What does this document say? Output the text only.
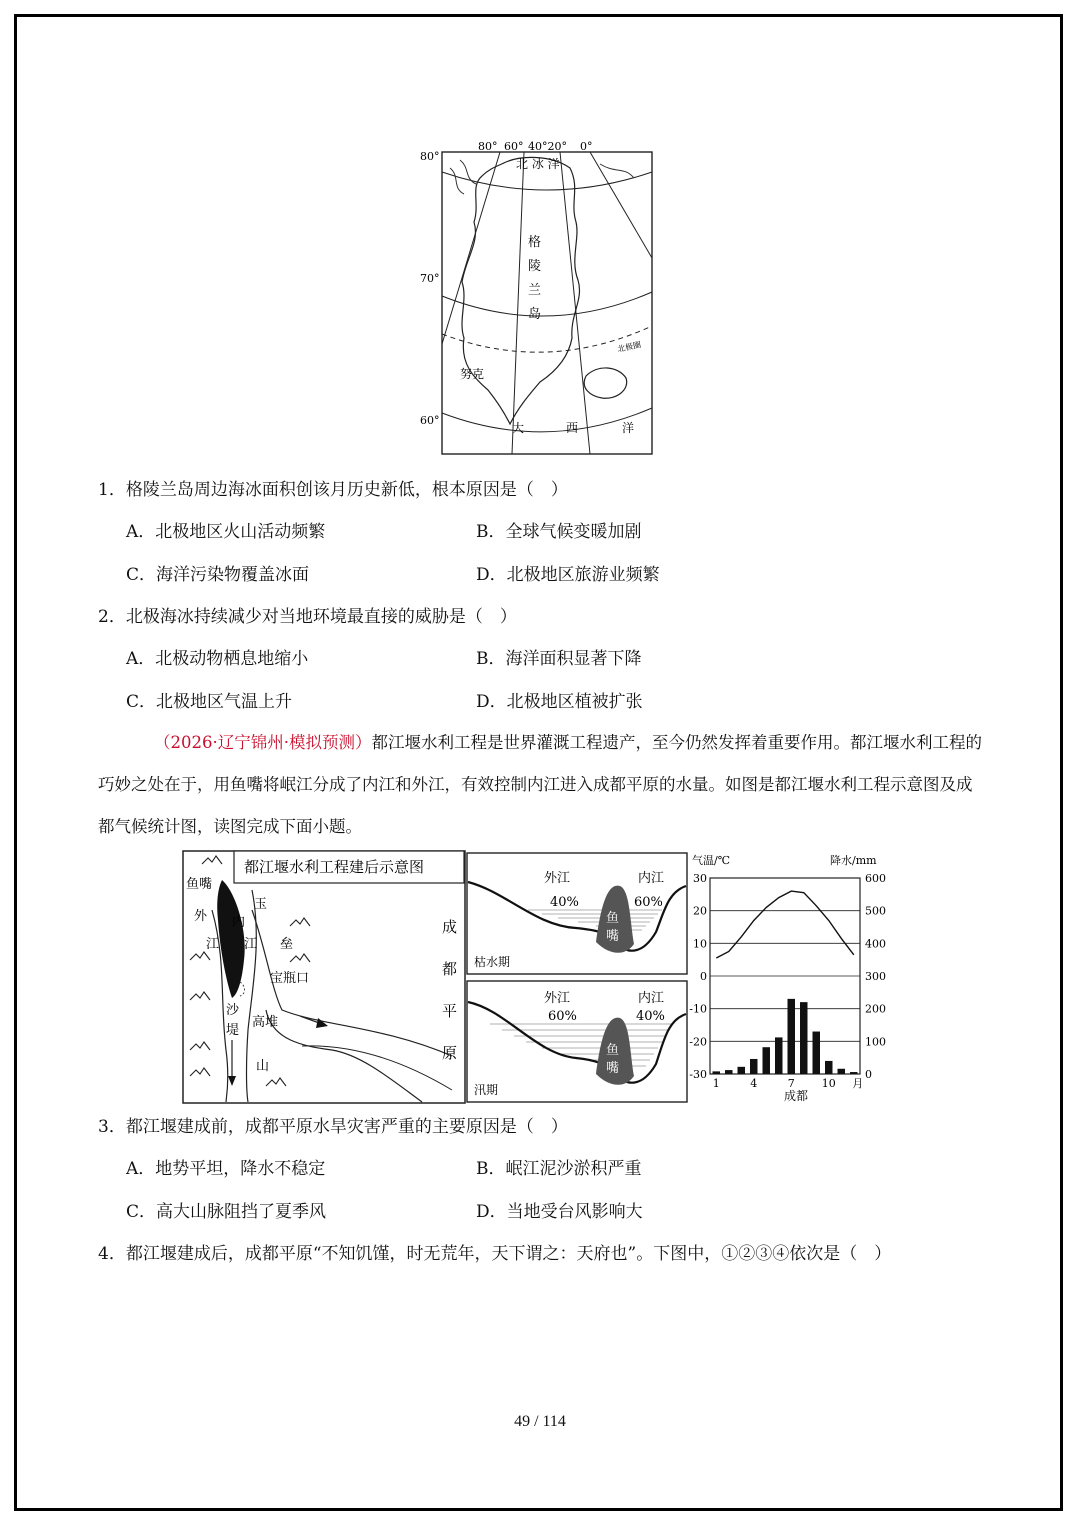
80°
70°
60°
80° 60° 40°20° 0°
北 冰 洋
格
陵
兰
岛
北极圈
努克
大	西	洋
1．格陵兰岛周边海冰面积创该月历史新低，根本原因是（　）
A．北极地区火山活动频繁	B．全球气候变暖加剧
C．海洋污染物覆盖冰面	D．北极地区旅游业频繁
2．北极海冰持续减少对当地环境最直接的威胁是（　）
A．北极动物栖息地缩小	B．海洋面积显著下降
C．北极地区气温上升	D．北极地区植被扩张
（2026·辽宁锦州·模拟预测）都江堰水利工程是世界灌溉工程遗产，至今仍然发挥着重要作用。都江堰水利工程的巧妙之处在于，用鱼嘴将岷江分成了内江和外江，有效控制内江进入成都平原的水量。如图是都江堰水利工程示意图及成都气候统计图，读图完成下面小题。
都江堰水利工程建后示意图
鱼嘴
外
江
内
江
玉
垒
宝瓶口
沙
堤
高堆
山
成
都
平
原
外江
40%
内江
60%
鱼
嘴
枯水期
外江
60%
内江
40%
鱼
嘴
汛期
气温/℃	降水/mm
30
20
10
0
-10
-20
-30
600
500
400
300
200
100
0
1	4	7 10 月
成都
3．都江堰建成前，成都平原水旱灾害严重的主要原因是（　）
A．地势平坦，降水不稳定	B．岷江泥沙淤积严重
C．高大山脉阻挡了夏季风	D．当地受台风影响大
4．都江堰建成后，成都平原“不知饥馑，时无荒年，天下谓之：天府也”。下图中，①②③④依次是（　）
49 / 114
